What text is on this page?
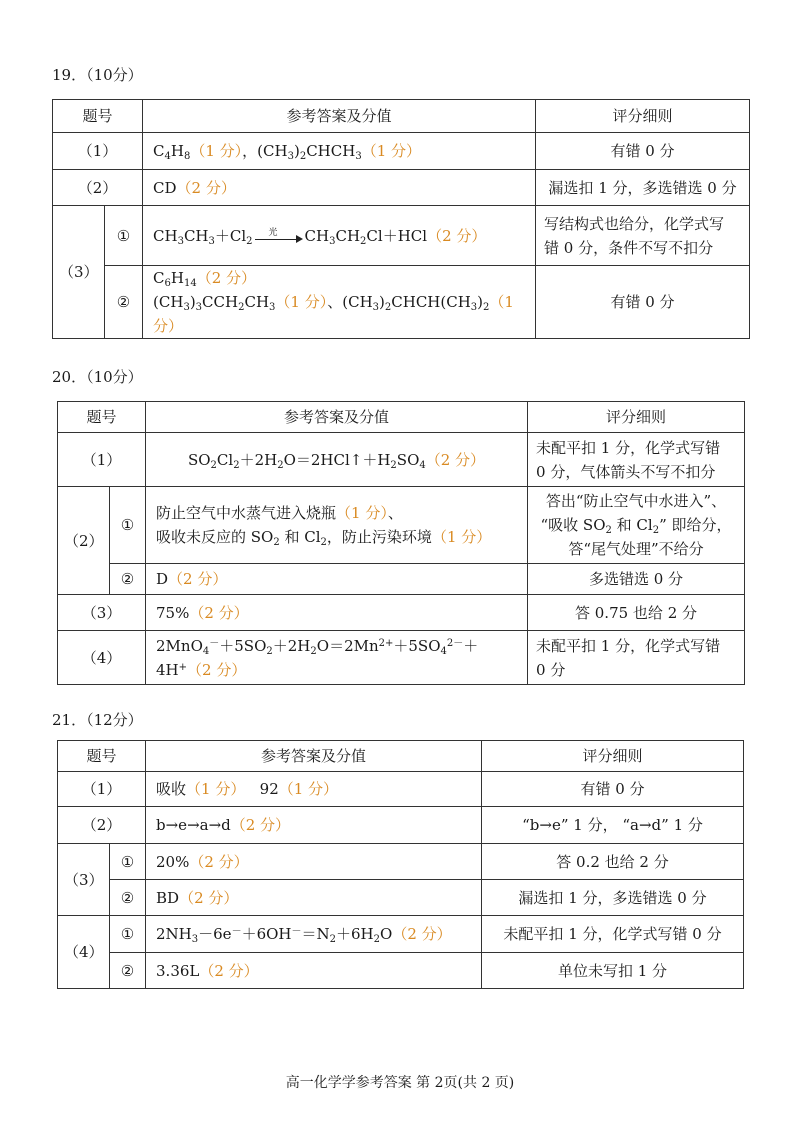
19．（10分）
题号		参考答案及分值	评分细则
（1）		$C_4H_8(1$ 分），$(CH_3)_2CHCH_3(1$ 分）	有错 0 分
（2）		CD（2 分）	漏选扣 1 分，多选错选 0 分
（3）	①	$CH_3CH_3+Cl_2$
光 $CH_3CH_2Cl+HCl(2$ 分）	写结构式也给分，化学式写
错 0 分，条件不写不扣分
	②	$C_6H_{14}(2$ 分）
$(CH_3)_3CCH_2CH_3(1$ 分）、$(CH_3)_2CHCH(CH_3)_2(1$ 分）	有错 0 分
20．（10分）
题号		参考答案及分值	评分细则
（1）		$SO_2Cl_2+2H_2O=2HCl↑+H_2SO_4(2$ 分）	未配平扣 1 分，化学式写错
0 分，气体箭头不写不扣分
（2）	①	防止空气中水蒸气进入烧瓶（1 分）、
吸收未反应的 $SO_2$ 和 $Cl_2$，防止污染环境（1 分）	答出“防止空气中水进入”、
“吸收 $SO_2$ 和 $Cl_2$” 即给分，
答“尾气处理”不给分
	②	D（2 分）	多选错选 0 分
（3）		75%（2 分）	答 0.75 也给 2 分
（4）		$2MnO_4^-+5SO_2+2H_2O=2Mn^{2+}+5SO_4^{2-}+4H^+(2$ 分）	未配平扣 1 分，化学式写错
0 分
21．（12分）
题号		参考答案及分值	评分细则
（1）		吸收（1 分） 92（1 分）	有错 0 分
（2）		b→e→a→d（2 分）	“b→e” 1 分， “a→d” 1 分
（3）	①	20%（2 分）	答 0.2 也给 2 分
	②	BD（2 分）	漏选扣 1 分，多选错选 0 分
（4）	①	$2NH_3-6e^-+6OH^-=N_2+6H_2O(2$ 分）	未配平扣 1 分，化学式写错 0 分
	②	3.36L（2 分）	单位未写扣 1 分
高一化学学参考答案 第 2页(共 2 页)
